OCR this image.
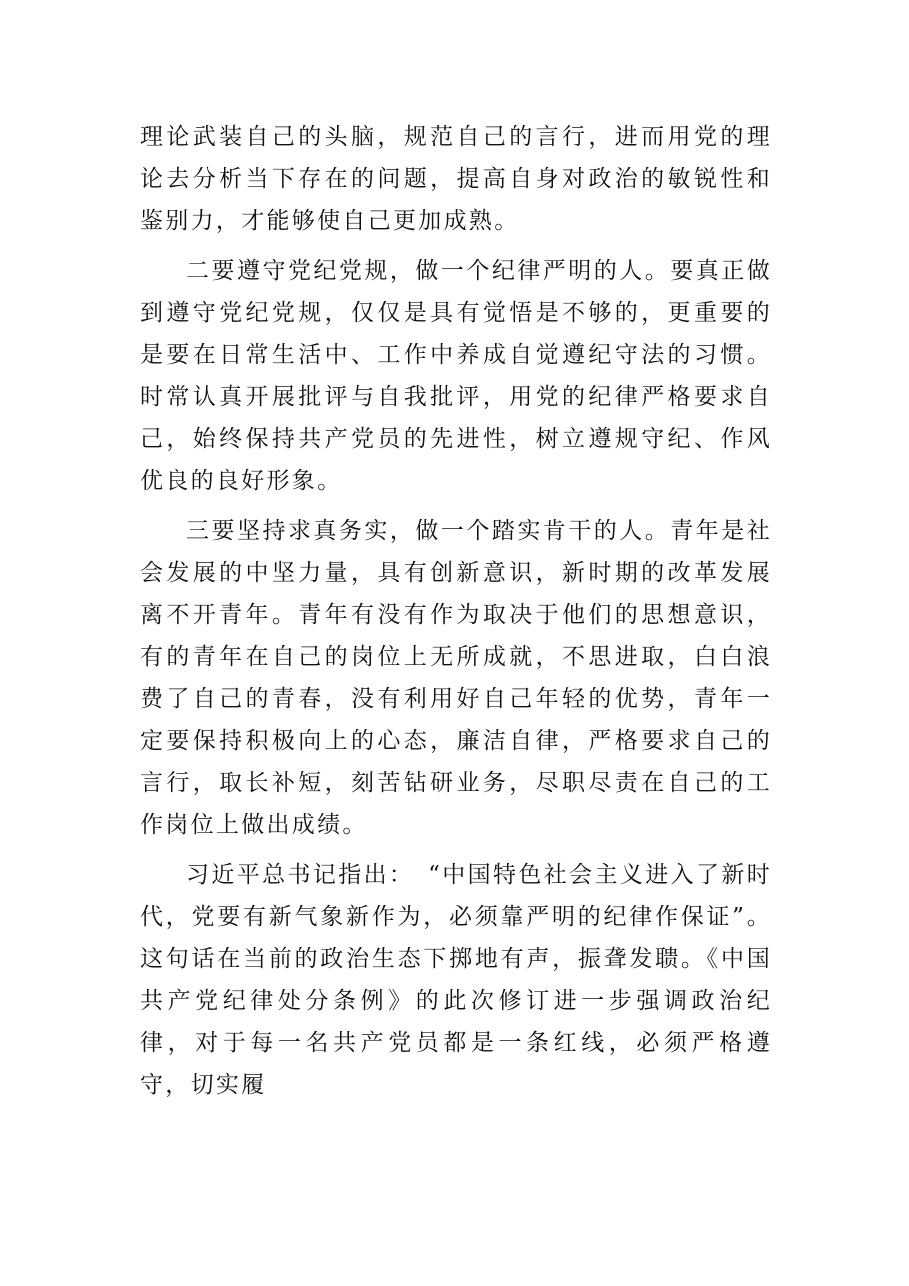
理论武装自己的头脑，规范自己的言行，进而用党的理论去分析当下存在的问题，提高自身对政治的敏锐性和鉴别力，才能够使自己更加成熟。

二要遵守党纪党规，做一个纪律严明的人。要真正做到遵守党纪党规，仅仅是具有觉悟是不够的，更重要的是要在日常生活中、工作中养成自觉遵纪守法的习惯。时常认真开展批评与自我批评，用党的纪律严格要求自己，始终保持共产党员的先进性，树立遵规守纪、作风优良的良好形象。

三要坚持求真务实，做一个踏实肯干的人。青年是社会发展的中坚力量，具有创新意识，新时期的改革发展离不开青年。青年有没有作为取决于他们的思想意识，有的青年在自己的岗位上无所成就，不思进取，白白浪费了自己的青春，没有利用好自己年轻的优势，青年一定要保持积极向上的心态，廉洁自律，严格要求自己的言行，取长补短，刻苦钻研业务，尽职尽责在自己的工作岗位上做出成绩。

习近平总书记指出：　“中国特色社会主义进入了新时代，党要有新气象新作为，必须靠严明的纪律作保证”。这句话在当前的政治生态下掷地有声，振聋发聩。《中国共产党纪律处分条例》的此次修订进一步强调政治纪律，对于每一名共产党员都是一条红线，必须严格遵守，切实履
